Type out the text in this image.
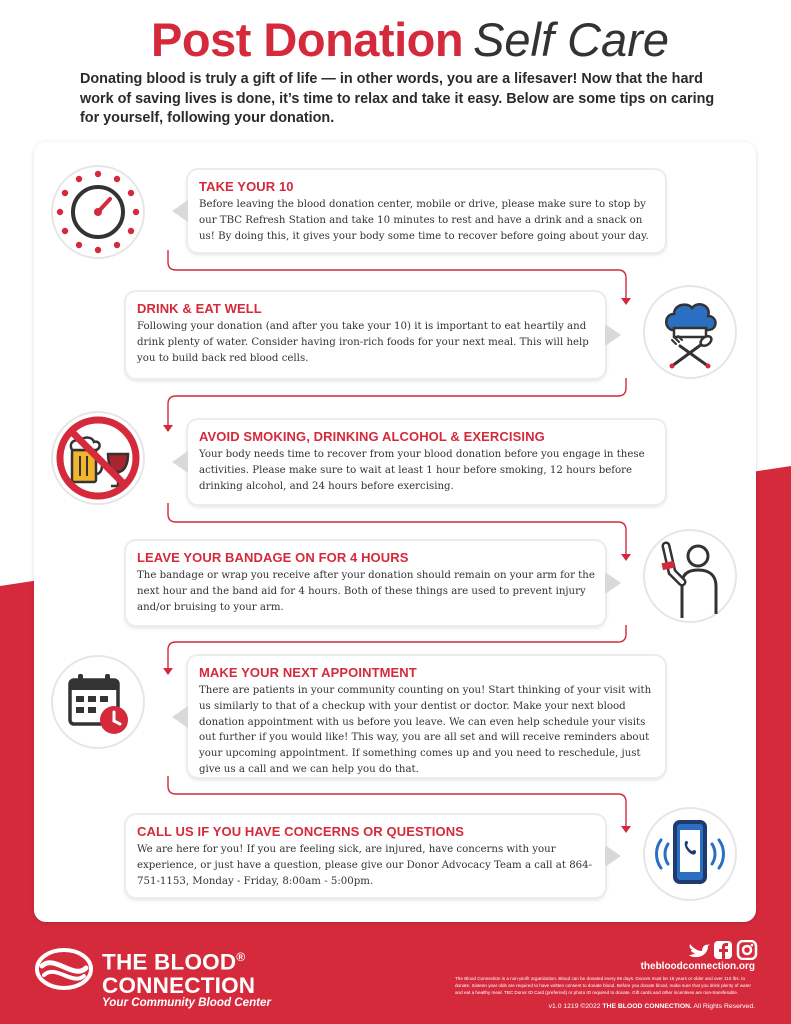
Post Donation Self Care
Donating blood is truly a gift of life — in other words, you are a lifesaver! Now that the hard work of saving lives is done, it’s time to relax and take it easy. Below are some tips on caring for yourself, following your donation.
TAKE YOUR 10

Before leaving the blood donation center, mobile or drive, please make sure to stop by our TBC Refresh Station and take 10 minutes to rest and have a drink and a snack on us! By doing this, it gives your body some time to recover before going about your day.

DRINK & EAT WELL

Following your donation (and after you take your 10) it is important to eat heartily and drink plenty of water. Consider having iron-rich foods for your next meal. This will help you to build back red blood cells.

AVOID SMOKING, DRINKING ALCOHOL & EXERCISING

Your body needs time to recover from your blood donation before you engage in these activities. Please make sure to wait at least 1 hour before smoking, 12 hours before drinking alcohol, and 24 hours before exercising.

LEAVE YOUR BANDAGE ON FOR 4 HOURS

The bandage or wrap you receive after your donation should remain on your arm for the next hour and the band aid for 4 hours. Both of these things are used to prevent injury and/or bruising to your arm.

MAKE YOUR NEXT APPOINTMENT

There are patients in your community counting on you! Start thinking of your visit with us similarly to that of a checkup with your dentist or doctor. Make your next blood donation appointment with us before you leave. We can even help schedule your visits out further if you would like! This way, you are all set and will receive reminders about your upcoming appointment. If something comes up and you need to reschedule, just give us a call and we can help you do that.

CALL US IF YOU HAVE CONCERNS OR QUESTIONS

We are here for you! If you are feeling sick, are injured, have concerns with your experience, or just have a question, please give our Donor Advocacy Team a call at 864-751-1153, Monday - Friday, 8:00am - 5:00pm.

THE BLOOD®
CONNECTION
Your Community Blood Center
thebloodconnection.org
The Blood Connection is a non-profit organization. Blood can be donated every 56 days. Donors must be 16 years or older and over 110 lbs. to donate. Sixteen year olds are required to have written consent to donate blood. Before you donate blood, make sure that you drink plenty of water and eat a healthy meal. TBC Donor ID Card (preferred) or photo ID required to donate. Gift cards and other incentives are non-transferable.
v1.0 1219 ©2022 THE BLOOD CONNECTION. All Rights Reserved.
